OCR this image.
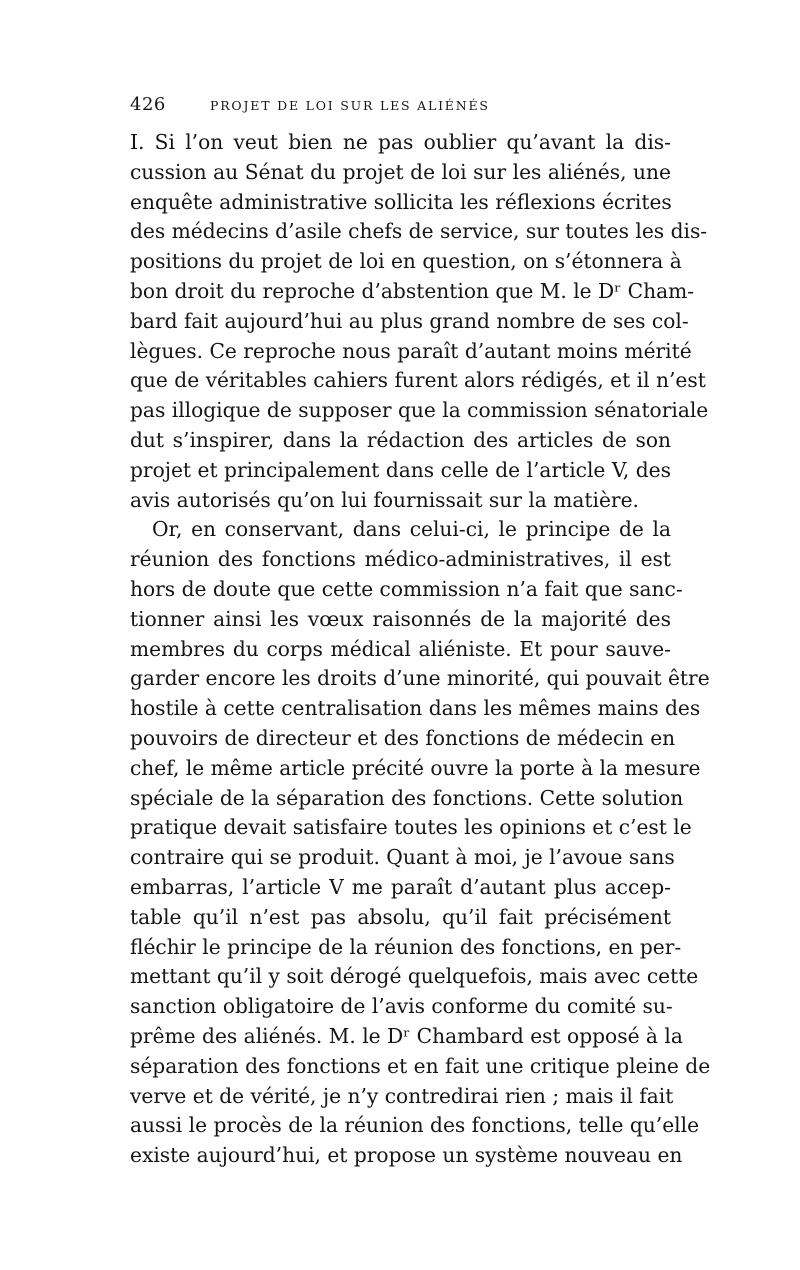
426	PROJET DE LOI SUR LES ALIÉNÉS
I. Si l’on veut bien ne pas oublier qu’avant la dis-
cussion au Sénat du projet de loi sur les aliénés, une
enquête administrative sollicita les réflexions écrites
des médecins d’asile chefs de service, sur toutes les dis-
positions du projet de loi en question, on s’étonnera à
bon droit du reproche d’abstention que M. le Dʳ Cham-
bard fait aujourd’hui au plus grand nombre de ses col-
lègues. Ce reproche nous paraît d’autant moins mérité
que de véritables cahiers furent alors rédigés, et il n’est
pas illogique de supposer que la commission sénatoriale
dut s’inspirer, dans la rédaction des articles de son
projet et principalement dans celle de l’article V, des
avis autorisés qu’on lui fournissait sur la matière.
Or, en conservant, dans celui-ci, le principe de la
réunion des fonctions médico-administratives, il est
hors de doute que cette commission n’a fait que sanc-
tionner ainsi les vœux raisonnés de la majorité des
membres du corps médical aliéniste. Et pour sauve-
garder encore les droits d’une minorité, qui pouvait être
hostile à cette centralisation dans les mêmes mains des
pouvoirs de directeur et des fonctions de médecin en
chef, le même article précité ouvre la porte à la mesure
spéciale de la séparation des fonctions. Cette solution
pratique devait satisfaire toutes les opinions et c’est le
contraire qui se produit. Quant à moi, je l’avoue sans
embarras, l’article V me paraît d’autant plus accep-
table qu’il n’est pas absolu, qu’il fait précisément
fléchir le principe de la réunion des fonctions, en per-
mettant qu’il y soit dérogé quelquefois, mais avec cette
sanction obligatoire de l’avis conforme du comité su-
prême des aliénés. M. le Dʳ Chambard est opposé à la
séparation des fonctions et en fait une critique pleine de
verve et de vérité, je n’y contredirai rien ; mais il fait
aussi le procès de la réunion des fonctions, telle qu’elle
existe aujourd’hui, et propose un système nouveau en
